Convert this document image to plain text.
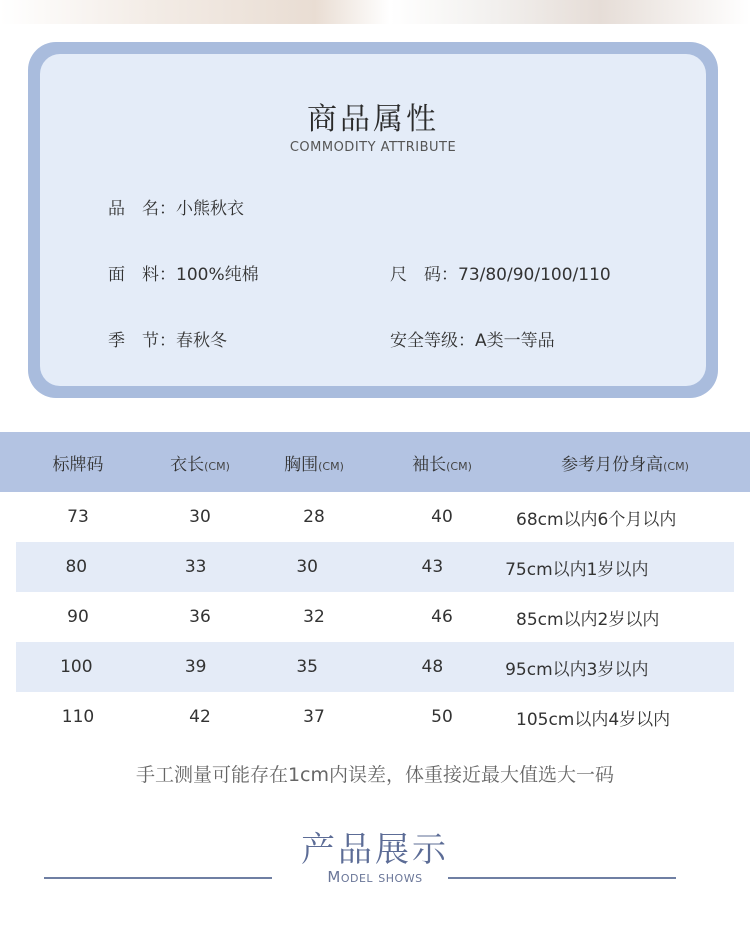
商品属性
COMMODITY ATTRIBUTE
品　名：小熊秋衣
面　料：100%纯棉	尺　码：73/80/90/100/110
季　节：春秋冬	安全等级：A类一等品
标牌码	衣长(CM)	胸围(CM)	袖长(CM)	参考月份身高(CM)
73	30	28	40	68cm以内6个月以内
80	33	30	43	75cm以内1岁以内
90	36	32	46	85cm以内2岁以内
100	39	35	48	95cm以内3岁以内
110	42	37	50	105cm以内4岁以内
手工测量可能存在1cm内误差，体重接近最大值选大一码
产品展示
Model shows
